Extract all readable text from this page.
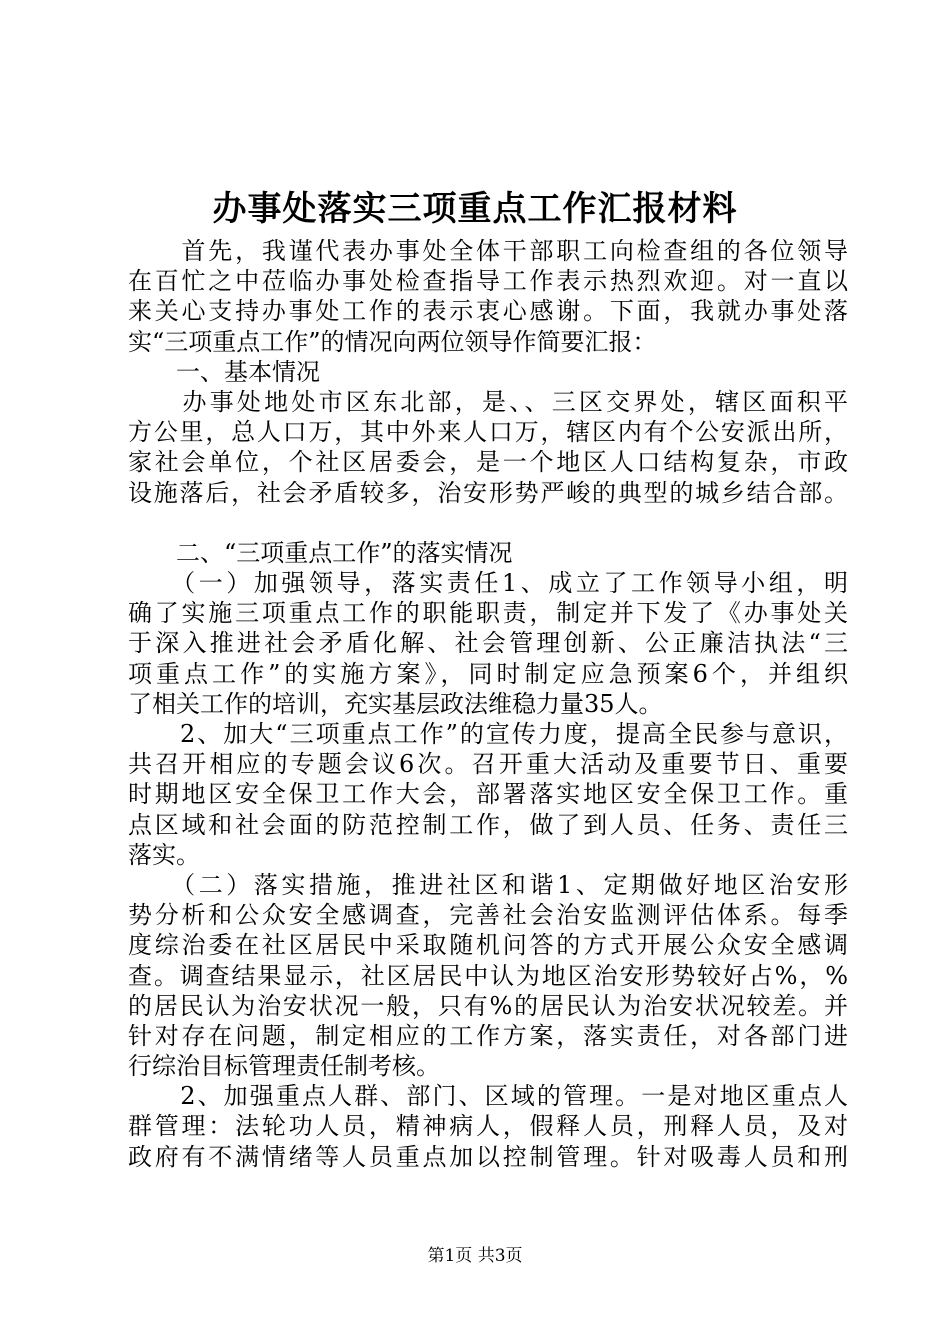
办事处落实三项重点工作汇报材料
　　首先，我谨代表办事处全体干部职工向检查组的各位领导
在百忙之中莅临办事处检查指导工作表示热烈欢迎。对一直以
来关心支持办事处工作的表示衷心感谢。下面，我就办事处落
实“三项重点工作”的情况向两位领导作简要汇报：
　　一、基本情况
　　办事处地处市区东北部，是、、三区交界处，辖区面积平
方公里，总人口万，其中外来人口万，辖区内有个公安派出所，
家社会单位，个社区居委会，是一个地区人口结构复杂，市政
设施落后，社会矛盾较多，治安形势严峻的典型的城乡结合部。
　　二、“三项重点工作”的落实情况
　　（一）加强领导，落实责任1、成立了工作领导小组，明
确了实施三项重点工作的职能职责，制定并下发了《办事处关
于深入推进社会矛盾化解、社会管理创新、公正廉洁执法“三
项重点工作”的实施方案》，同时制定应急预案6个，并组织
了相关工作的培训，充实基层政法维稳力量35人。
　　2、加大“三项重点工作”的宣传力度，提高全民参与意识，
共召开相应的专题会议6次。召开重大活动及重要节日、重要
时期地区安全保卫工作大会，部署落实地区安全保卫工作。重
点区域和社会面的防范控制工作，做了到人员、任务、责任三
落实。
　　（二）落实措施，推进社区和谐1、定期做好地区治安形
势分析和公众安全感调查，完善社会治安监测评估体系。每季
度综治委在社区居民中采取随机问答的方式开展公众安全感调
查。调查结果显示，社区居民中认为地区治安形势较好占%，%
的居民认为治安状况一般，只有%的居民认为治安状况较差。并
针对存在问题，制定相应的工作方案，落实责任，对各部门进
行综治目标管理责任制考核。
　　2、加强重点人群、部门、区域的管理。一是对地区重点人
群管理：法轮功人员，精神病人，假释人员，刑释人员，及对
政府有不满情绪等人员重点加以控制管理。针对吸毒人员和刑
第1页 共3页
